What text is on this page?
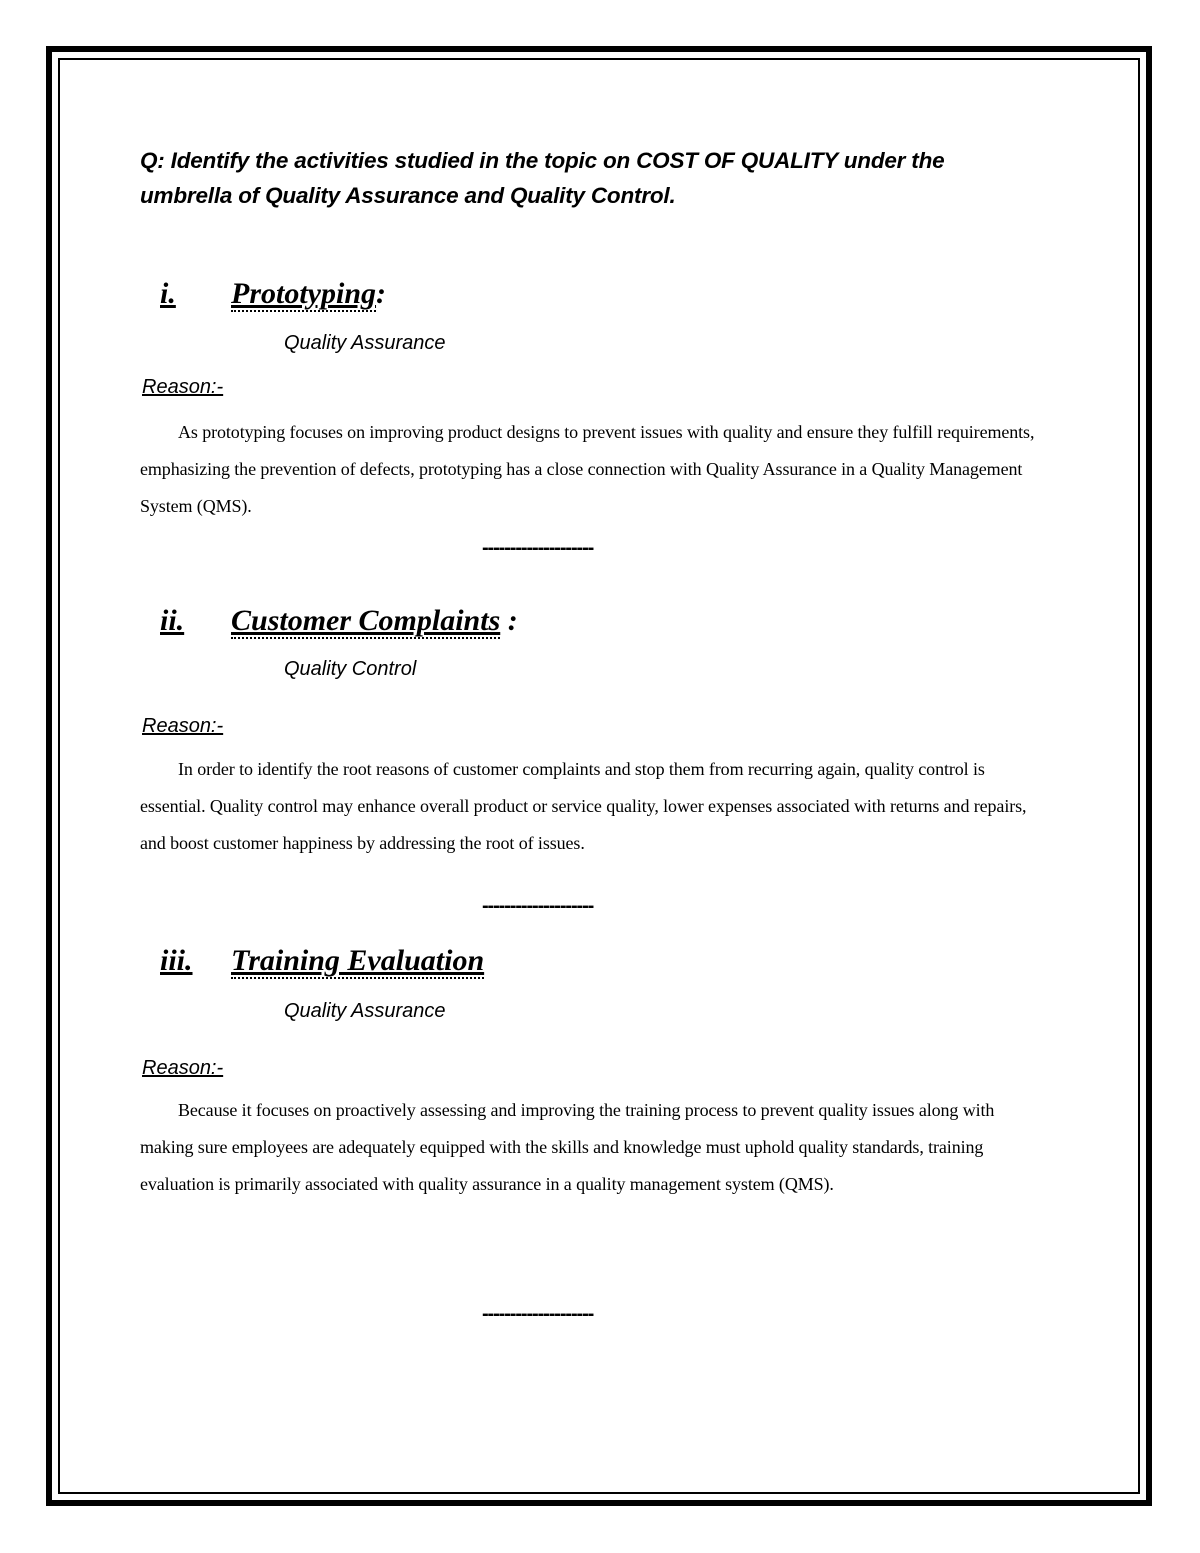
Q: Identify the activities studied in the topic on COST OF QUALITY under the umbrella of Quality Assurance and Quality Control.
i. Prototyping:
Quality Assurance
Reason:-
As prototyping focuses on improving product designs to prevent issues with quality and ensure they fulfill requirements, emphasizing the prevention of defects, prototyping has a close connection with Quality Assurance in a Quality Management System (QMS).
--------------------
ii. Customer Complaints :
Quality Control
Reason:-
In order to identify the root reasons of customer complaints and stop them from recurring again, quality control is essential. Quality control may enhance overall product or service quality, lower expenses associated with returns and repairs, and boost customer happiness by addressing the root of issues.
--------------------
iii. Training Evaluation
Quality Assurance
Reason:-
Because it focuses on proactively assessing and improving the training process to prevent quality issues along with making sure employees are adequately equipped with the skills and knowledge must uphold quality standards, training evaluation is primarily associated with quality assurance in a quality management system (QMS).
--------------------
